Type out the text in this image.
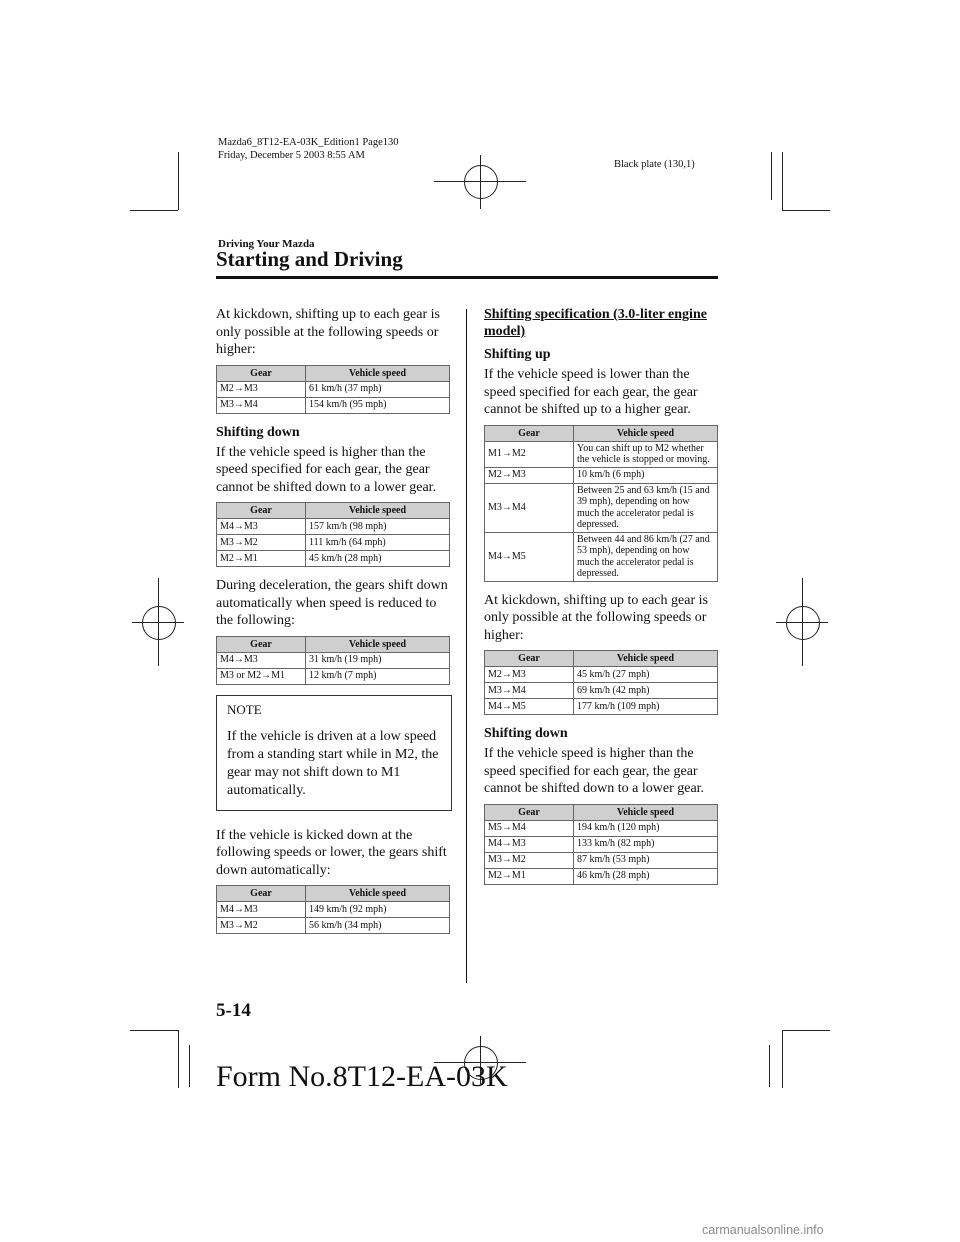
Mazda6_8T12-EA-03K_Edition1 Page130
Friday, December 5 2003 8:55 AM
Black plate (130,1)
Driving Your Mazda
Starting and Driving

At kickdown, shifting up to each gear is only possible at the following speeds or higher:

Gear	Vehicle speed
M2→M3	61 km/h (37 mph)
M3→M4	154 km/h (95 mph)
Shifting down

If the vehicle speed is higher than the speed specified for each gear, the gear cannot be shifted down to a lower gear.

Gear	Vehicle speed
M4→M3	157 km/h (98 mph)
M3→M2	111 km/h (64 mph)
M2→M1	45 km/h (28 mph)

During deceleration, the gears shift down automatically when speed is reduced to the following:

Gear	Vehicle speed
M4→M3	31 km/h (19 mph)
M3 or M2→M1	12 km/h (7 mph)
NOTE
If the vehicle is driven at a low speed from a standing start while in M2, the gear may not shift down to M1 automatically.

If the vehicle is kicked down at the following speeds or lower, the gears shift down automatically:

Gear	Vehicle speed
M4→M3	149 km/h (92 mph)
M3→M2	56 km/h (34 mph)
Shifting specification (3.0-liter engine model)
Shifting up

If the vehicle speed is lower than the speed specified for each gear, the gear cannot be shifted up to a higher gear.

Gear	Vehicle speed
M1→M2	You can shift up to M2 whether the vehicle is stopped or moving.
M2→M3	10 km/h (6 mph)
M3→M4	Between 25 and 63 km/h (15 and 39 mph), depending on how much the accelerator pedal is depressed.
M4→M5	Between 44 and 86 km/h (27 and 53 mph), depending on how much the accelerator pedal is depressed.

At kickdown, shifting up to each gear is only possible at the following speeds or higher:

Gear	Vehicle speed
M2→M3	45 km/h (27 mph)
M3→M4	69 km/h (42 mph)
M4→M5	177 km/h (109 mph)
Shifting down

If the vehicle speed is higher than the speed specified for each gear, the gear cannot be shifted down to a lower gear.

Gear	Vehicle speed
M5→M4	194 km/h (120 mph)
M4→M3	133 km/h (82 mph)
M3→M2	87 km/h (53 mph)
M2→M1	46 km/h (28 mph)
5-14
Form No.8T12-EA-03K
carmanualsonline.info
